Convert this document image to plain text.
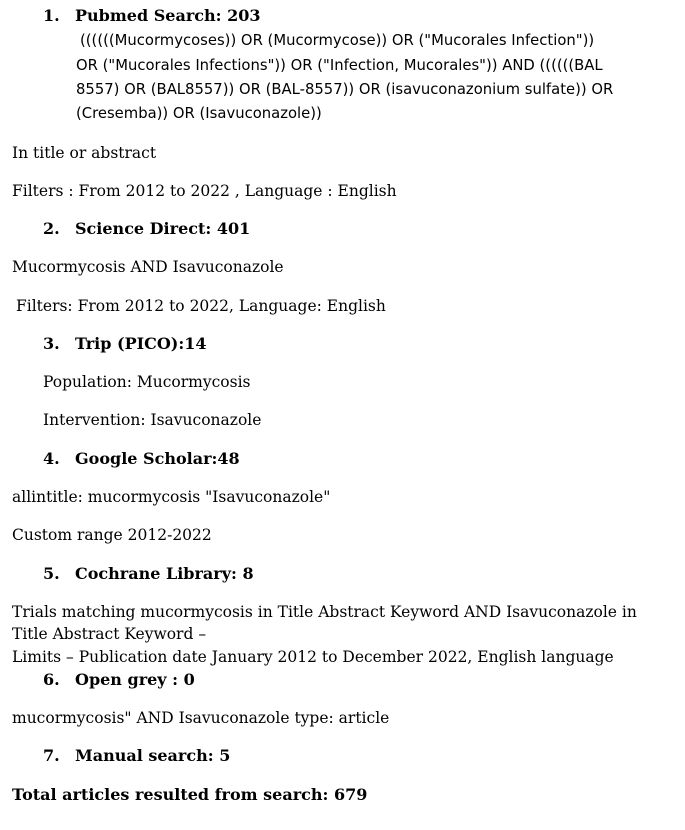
1. Pubmed Search: 203
((((((Mucormycoses)) OR (Mucormycose)) OR ("Mucorales Infection"))
OR ("Mucorales Infections")) OR ("Infection, Mucorales")) AND ((((((BAL
8557) OR (BAL8557)) OR (BAL-8557)) OR (isavuconazonium sulfate)) OR
(Cresemba)) OR (Isavuconazole))
In title or abstract
Filters : From 2012 to 2022 , Language : English
2. Science Direct: 401
Mucormycosis AND Isavuconazole
Filters: From 2012 to 2022, Language: English
3. Trip (PICO):14
Population: Mucormycosis
Intervention: Isavuconazole
4. Google Scholar:48
allintitle: mucormycosis "Isavuconazole"
Custom range 2012-2022
5. Cochrane Library: 8
Trials matching mucormycosis in Title Abstract Keyword AND Isavuconazole in
Title Abstract Keyword –
Limits – Publication date January 2012 to December 2022, English language
6. Open grey : 0
mucormycosis" AND Isavuconazole type: article
7. Manual search: 5
Total articles resulted from search: 679
